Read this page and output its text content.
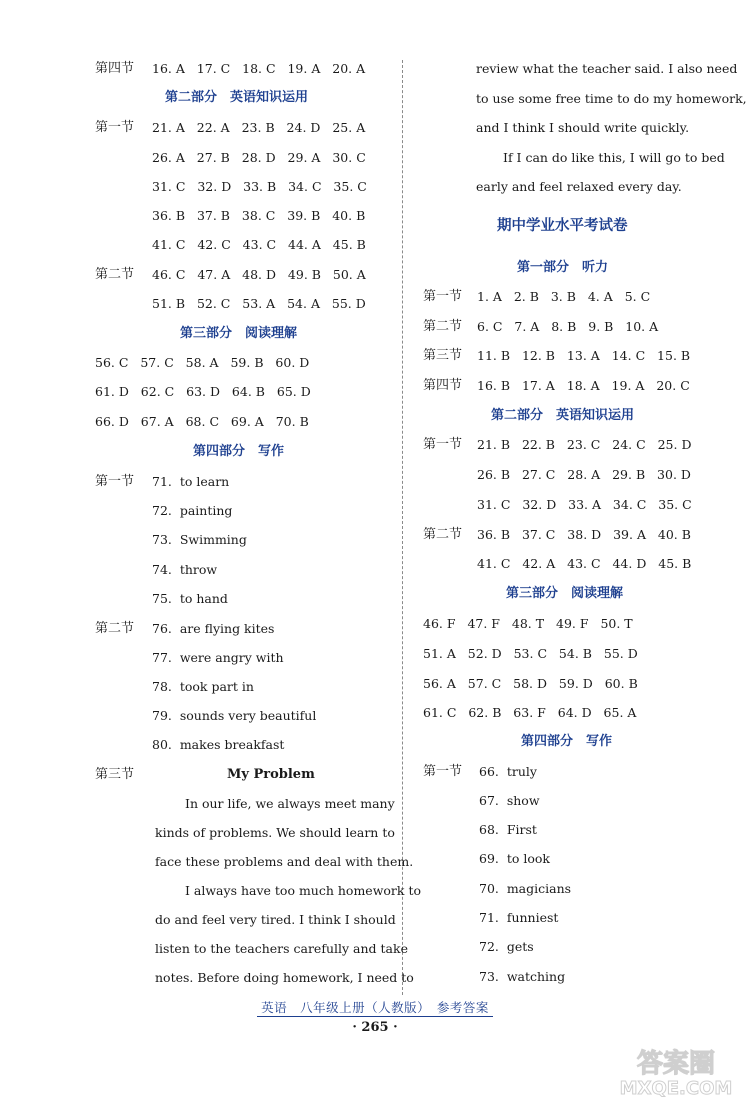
第四节 16. A   17. C   18. C   19. A   20. A
第二部分　英语知识运用
第一节 21. A   22. A   23. B   24. D   25. A
26. A   27. B   28. D   29. A   30. C
31. C   32. D   33. B   34. C   35. C
36. B   37. B   38. C   39. B   40. B
41. C   42. C   43. C   44. A   45. B
第二节 46. C   47. A   48. D   49. B   50. A
51. B   52. C   53. A   54. A   55. D
第三部分　阅读理解
56. C   57. C   58. A   59. B   60. D
61. D   62. C   63. D   64. B   65. D
66. D   67. A   68. C   69. A   70. B
第四部分　写作
第一节 71.  to learn
72.  painting
73.  Swimming
74.  throw
75.  to hand
第二节 76.  are flying kites
77.  were angry with
78.  took part in
79.  sounds very beautiful
80.  makes breakfast
第三节	My Problem
In our life, we always meet many
kinds of problems. We should learn to
face these problems and deal with them.
I always have too much homework to
do and feel very tired. I think I should
listen to the teachers carefully and take
notes. Before doing homework, I need to
review what the teacher said. I also need
to use some free time to do my homework,
and I think I should write quickly.
If I can do like this, I will go to bed
early and feel relaxed every day.
期中学业水平考试卷
第一部分　听力
第一节 1. A   2. B   3. B   4. A   5. C
第二节 6. C   7. A   8. B   9. B   10. A
第三节 11. B   12. B   13. A   14. C   15. B
第四节 16. B   17. A   18. A   19. A   20. C
第二部分　英语知识运用
第一节 21. B   22. B   23. C   24. C   25. D
26. B   27. C   28. A   29. B   30. D
31. C   32. D   33. A   34. C   35. C
第二节 36. B   37. C   38. D   39. A   40. B
41. C   42. A   43. C   44. D   45. B
第三部分　阅读理解
46. F   47. F   48. T   49. F   50. T
51. A   52. D   53. C   54. B   55. D
56. A   57. C   58. D   59. D   60. B
61. C   62. B   63. F   64. D   65. A
第四部分　写作
第一节 66.  truly
67.  show
68.  First
69.  to look
70.  magicians
71.  funniest
72.  gets
73.  watching
英语　八年级上册（人教版）　参考答案
· 265 ·
答案圈
MXQE.COM
